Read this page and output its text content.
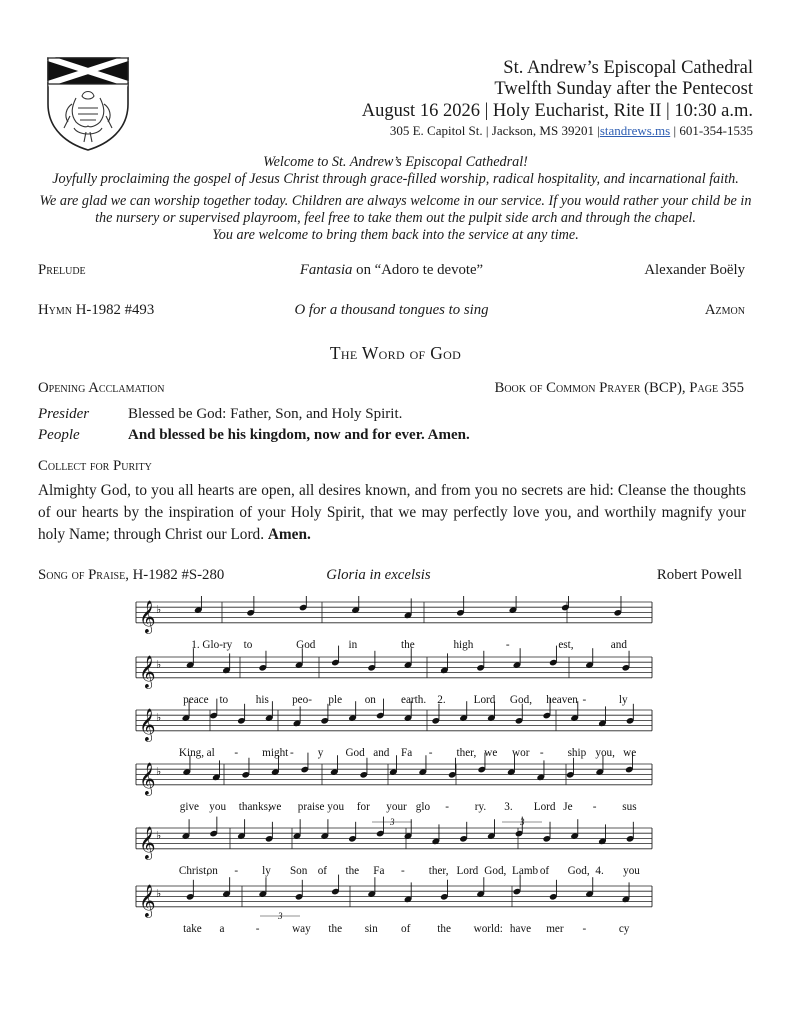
St. Andrew’s Episcopal Cathedral
Twelfth Sunday after the Pentecost
August 16 2026 | Holy Eucharist, Rite II | 10:30 a.m.
305 E. Capitol St. | Jackson, MS 39201 |standrews.ms | 601-354-1535

Welcome to St. Andrew’s Episcopal Cathedral!

Joyfully proclaiming the gospel of Jesus Christ through grace-filled worship, radical hospitality, and incarnational faith.

We are glad we can worship together today. Children are always welcome in our service. If you would rather your child be in

the nursery or supervised playroom, feel free to take them out the pulpit side arch and through the chapel.

You are welcome to bring them back into the service at any time.

Prelude	Fantasia on “Adoro te devote”	Alexander Boëly
Hymn H-1982 #493	O for a thousand tongues to sing	Azmon
The Word of God
Opening Acclamation	Book of Common Prayer (BCP), Page 355
Presider	Blessed be God: Father, Son, and Holy Spirit.
People	And blessed be his kingdom, now and for ever. Amen.
Collect for Purity
Almighty God, to you all hearts are open, all desires known, and from you no secrets are hid: Cleanse the thoughts of our hearts by the inspiration of your Holy Spirit, that we may perfectly love you, and worthily magnify your holy Name; through Christ our Lord. Amen.
Song of Praise, H-1982 #S-280	Gloria in excelsis	Robert Powell
𝄞 ♭
1. Glo-ry to	God	in	the	high	-	est,	and
𝄞 ♭
peace to his peo- ple on earth. 2. Lord God, heaven -	ly
𝄞 ♭
King, al - might - y God and Fa - ther, we wor - ship you, we
𝄞 ♭
give you thanks,we praise you for your glo - ry. 3. Lord Je - sus
𝄞 ♭
Christ,on - ly Son of the Fa - ther, Lord God, Lamb of God, 4. you
𝄞 ♭
take a	-	way the sin of the world: have mer -	cy
3	3
3
